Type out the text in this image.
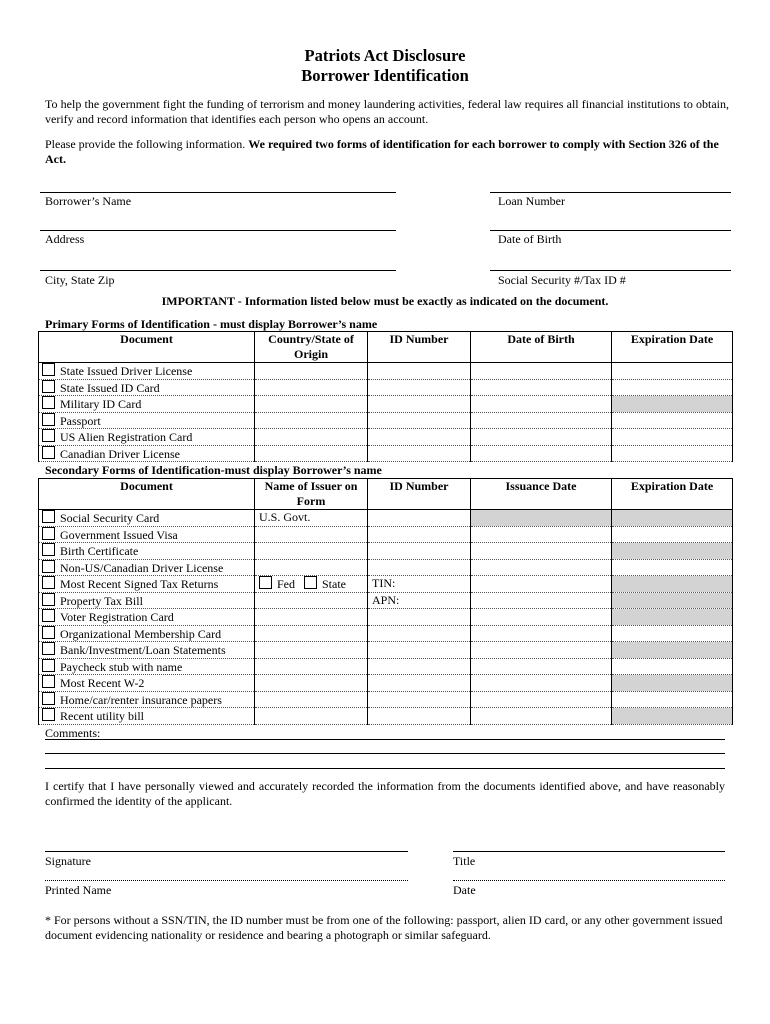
Patriots Act Disclosure
Borrower Identification
To help the government fight the funding of terrorism and money laundering activities, federal law requires all financial institutions to obtain, verify and record information that identifies each person who opens an account.
Please provide the following information. We required two forms of identification for each borrower to comply with Section 326 of the Act.
Borrower’s Name	Loan Number
Address	Date of Birth
City, State Zip	Social Security #/Tax ID #
IMPORTANT - Information listed below must be exactly as indicated on the document.
Primary Forms of Identification - must display Borrower’s name
Document	Country/State of Origin	ID Number	Date of Birth	Expiration Date
State Issued Driver License				
State Issued ID Card				
Military ID Card				
Passport				
US Alien Registration Card				
Canadian Driver License				
Secondary Forms of Identification-must display Borrower’s name
Document	Name of Issuer on Form	ID Number	Issuance Date	Expiration Date
Social Security Card	U.S. Govt.			
Government Issued Visa				
Birth Certificate				
Non-US/Canadian Driver License				
Most Recent Signed Tax Returns	Fed State	TIN:		
Property Tax Bill		APN:		
Voter Registration Card				
Organizational Membership Card				
Bank/Investment/Loan Statements				
Paycheck stub with name				
Most Recent W-2				
Home/car/renter insurance papers				
Recent utility bill				
Comments:
I certify that I have personally viewed and accurately recorded the information from the documents identified above, and have reasonably confirmed the identity of the applicant.
Signature	Title
Printed Name	Date
* For persons without a SSN/TIN, the ID number must be from one of the following: passport, alien ID card, or any other government issued document evidencing nationality or residence and bearing a photograph or similar safeguard.
